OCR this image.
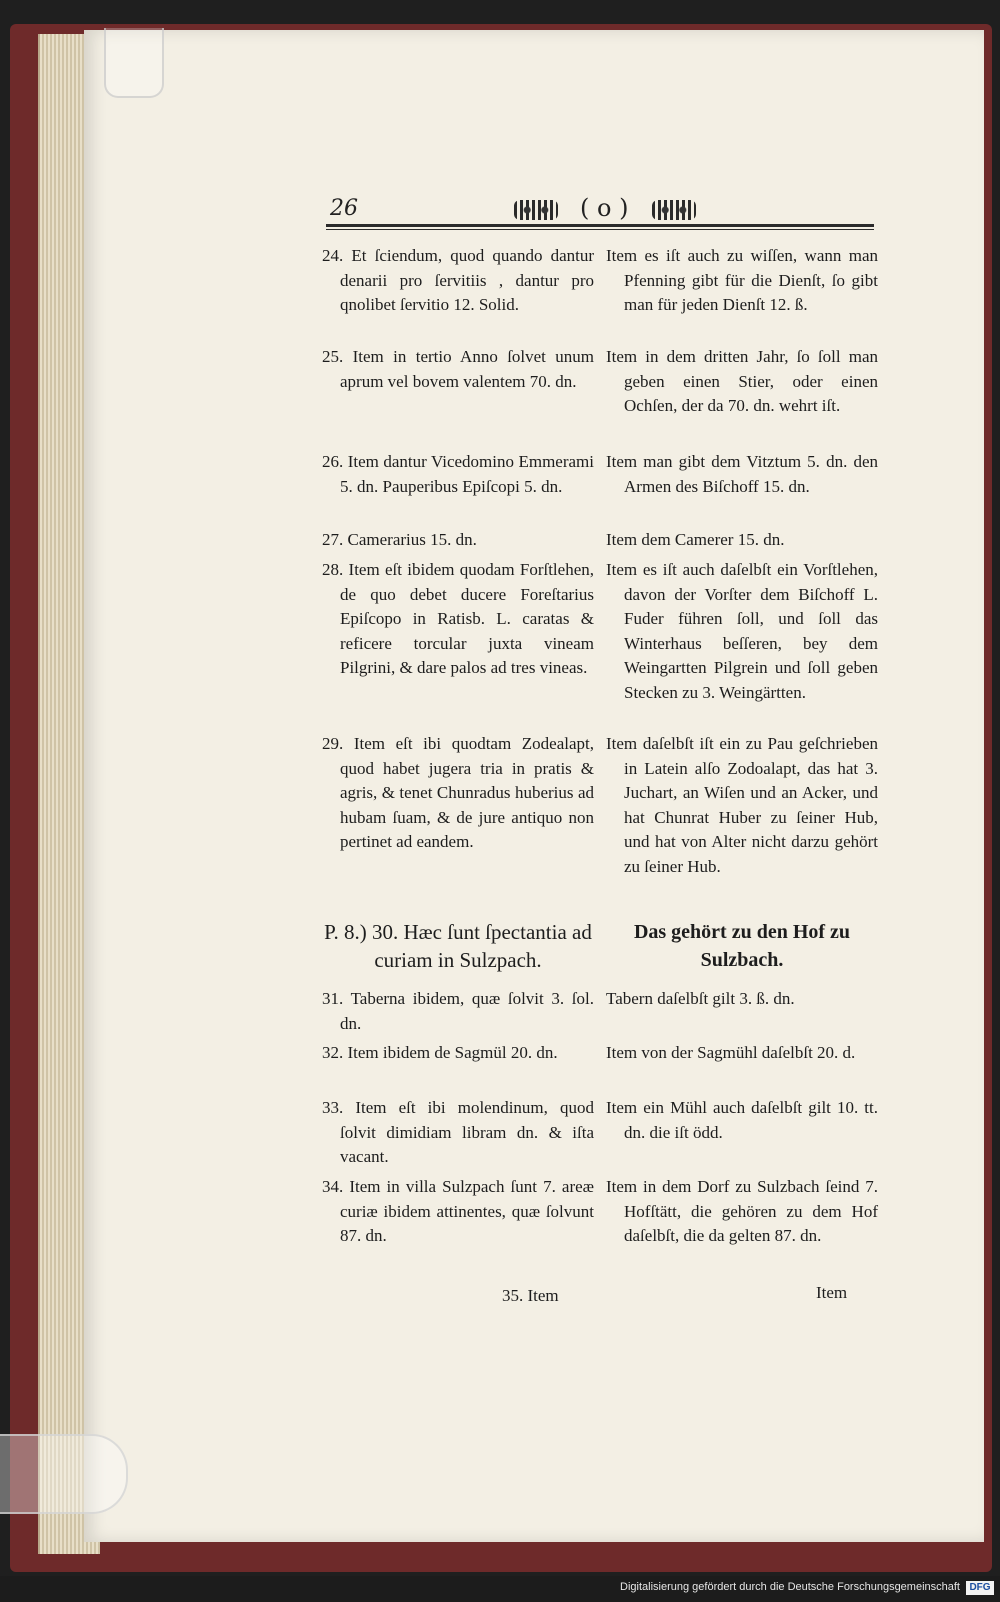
26	( o )
24. Et ſciendum, quod quando dantur denarii pro ſervitiis , dantur pro qnolibet ſervitio 12. Solid.
25. Item in tertio Anno ſolvet unum aprum vel bovem valentem 70. dn.
26. Item dantur Vicedomino Emmerami 5. dn. Pauperibus Epiſcopi 5. dn.
27. Camerarius 15. dn.
28. Item eſt ibidem quodam Forſtlehen, de quo debet ducere Foreſtarius Epiſcopo in Ratisb. L. caratas & reficere torcular juxta vineam Pilgrini, & dare palos ad tres vineas.
29. Item eſt ibi quodtam Zodealapt, quod habet jugera tria in pratis & agris, & tenet Chunradus huberius ad hubam ſuam, & de jure antiquo non pertinet ad eandem.
P. 8.) 30. Hæc ſunt ſpectantia ad curiam in Sulzpach.
31. Taberna ibidem, quæ ſolvit 3. ſol. dn.
32. Item ibidem de Sagmül 20. dn.
33. Item eſt ibi molendinum, quod ſolvit dimidiam libram dn. & iſta vacant.
34. Item in villa Sulzpach ſunt 7. areæ curiæ ibidem attinentes, quæ ſolvunt 87. dn.
Item es iſt auch zu wiſſen, wann man Pfenning gibt für die Dienſt, ſo gibt man für jeden Dienſt 12. ß.
Item in dem dritten Jahr, ſo ſoll man geben einen Stier, oder einen Ochſen, der da 70. dn. wehrt iſt.
Item man gibt dem Vitztum 5. dn. den Armen des Biſchoff 15. dn.
Item dem Camerer 15. dn.
Item es iſt auch daſelbſt ein Vorſtlehen, davon der Vorſter dem Biſchoff L. Fuder führen ſoll, und ſoll das Winterhaus beſſeren, bey dem Weingartten Pilgrein und ſoll geben Stecken zu 3. Weingärtten.
Item daſelbſt iſt ein zu Pau geſchrieben in Latein alſo Zodoalapt, das hat 3. Juchart, an Wiſen und an Acker, und hat Chunrat Huber zu ſeiner Hub, und hat von Alter nicht darzu gehört zu ſeiner Hub.
Das gehört zu den Hof zu Sulzbach.
Tabern daſelbſt gilt 3. ß. dn.
Item von der Sagmühl daſelbſt 20. d.
Item ein Mühl auch daſelbſt gilt 10. tt. dn. die iſt ödd.
Item in dem Dorf zu Sulzbach ſeind 7. Hofſtätt, die gehören zu dem Hof daſelbſt, die da gelten 87. dn.
35. Item	Item
Digitalisierung gefördert durch die Deutsche Forschungsgemeinschaft DFG
